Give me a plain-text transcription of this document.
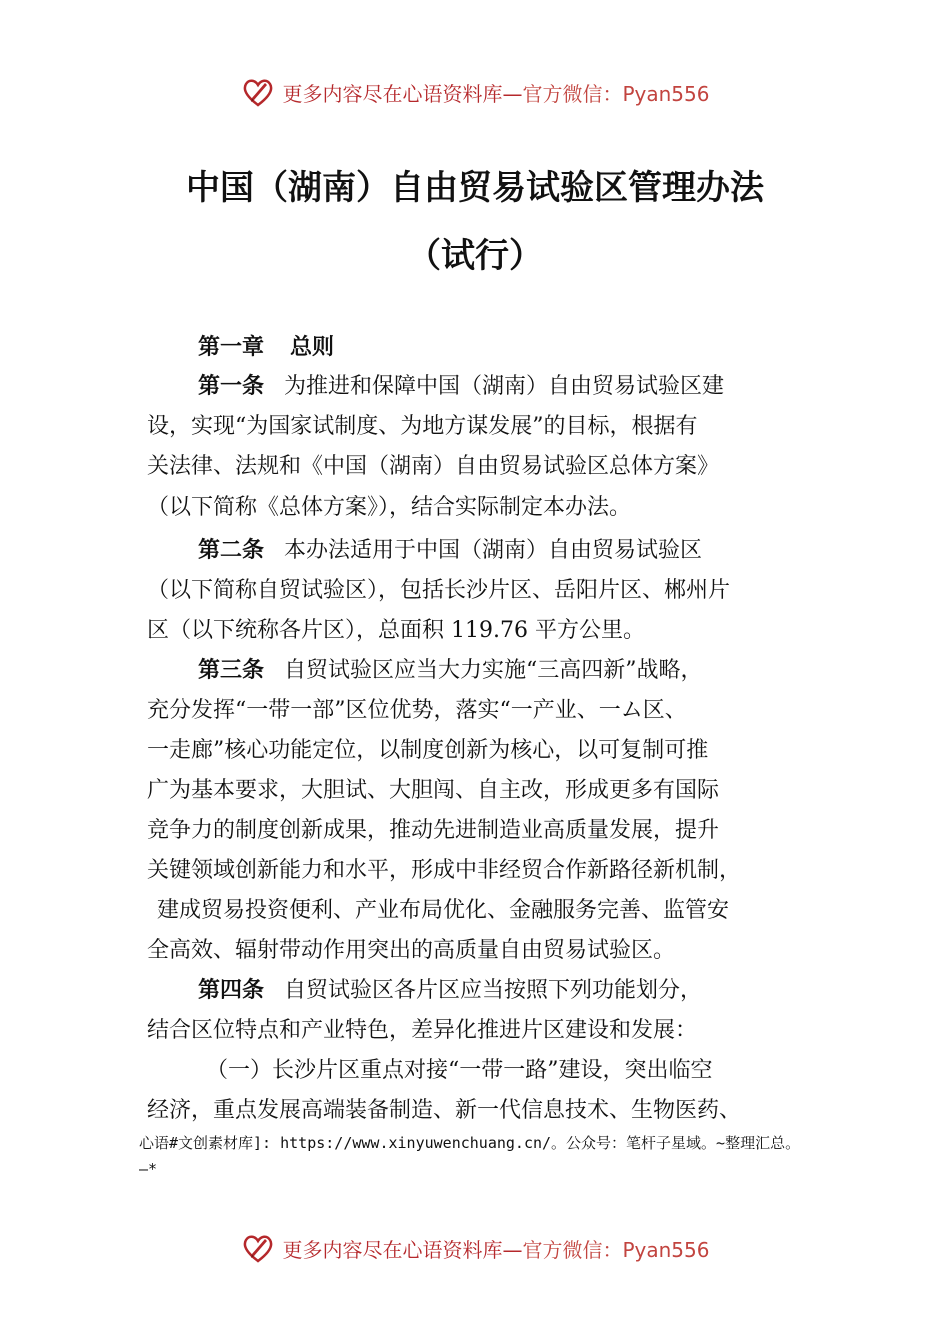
更多内容尽在心语资料库— 官方微信：Pyan556
中国（湖南）自由贸易试验区管理办法
（试行）
第一章 总则
第一条 为推进和保障中国（湖南）自由贸易试验区建
设，实现“为国家试制度、为地方谋发展”的目标，根据有
关法律、法规和《中国（湖南）自由贸易试验区总体方案》
（以下简称《总体方案》），结合实际制定本办法。
第二条 本办法适用于中国（湖南）自由贸易试验区
（以下简称自贸试验区），包括长沙片区、岳阳片区、郴州片
区（以下统称各片区），总面积 119.76 平方公里。
第三条 自贸试验区应当大力实施“三高四新”战略，
充分发挥“一带一部”区位优势，落实“一产业、一ム区、
一走廊”核心功能定位，以制度创新为核心，以可复制可推
广为基本要求，大胆试、大胆闯、自主改，形成更多有国际
竞争力的制度创新成果，推动先进制造业高质量发展，提升
关键领域创新能力和水平，形成中非经贸合作新路径新机制，
建成贸易投资便利、产业布局优化、金融服务完善、监管安
全高效、辐射带动作用突出的高质量自由贸易试验区。
第四条 自贸试验区各片区应当按照下列功能划分，
结合区位特点和产业特色，差异化推进片区建设和发展：
（一）长沙片区重点对接“一带一路”建设，突出临空
经济，重点发展高端装备制造、新一代信息技术、生物医药、
心语#文创素材库]: https://www.xinyuwenchuang.cn/。公众号：笔杆子星域。~整理汇总。
—*
更多内容尽在心语资料库— 官方微信：Pyan556
